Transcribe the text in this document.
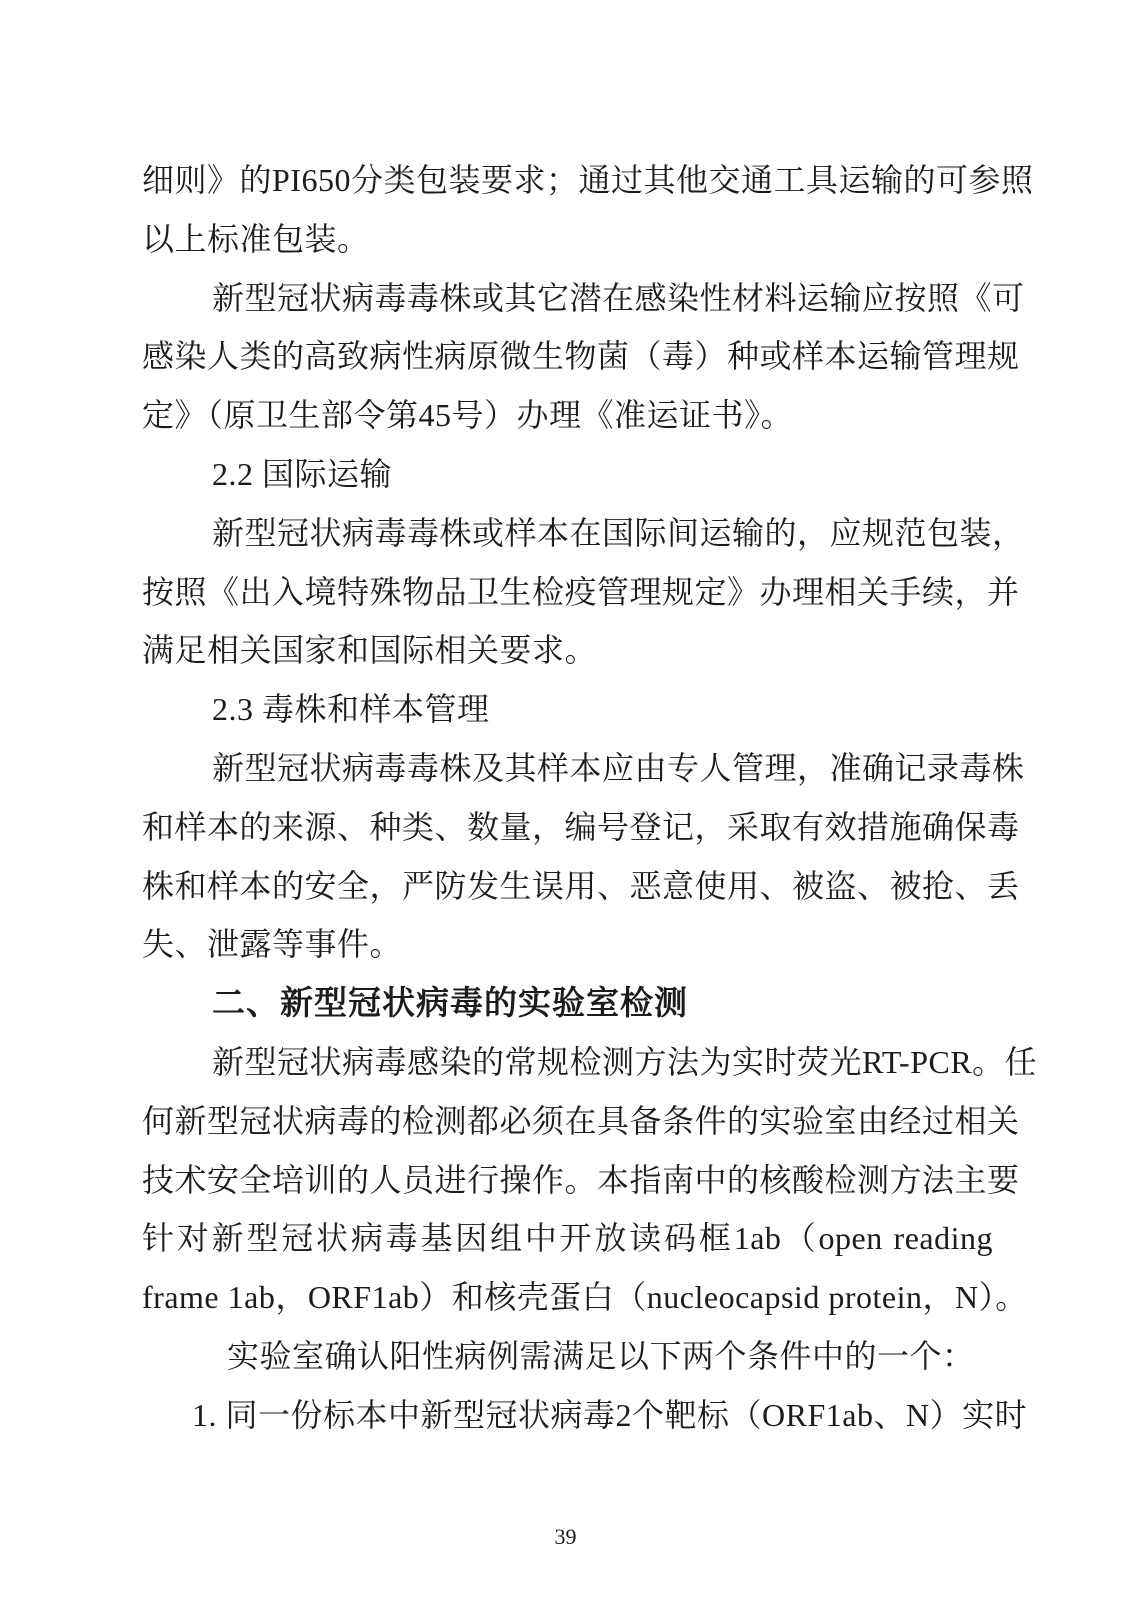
细则》的PI650分类包装要求；通过其他交通工具运输的可参照
以上标准包装。
新型冠状病毒毒株或其它潜在感染性材料运输应按照《可
感染人类的高致病性病原微生物菌（毒）种或样本运输管理规
定》（原卫生部令第45号）办理《准运证书》。
2.2 国际运输
新型冠状病毒毒株或样本在国际间运输的，应规范包装，
按照《出入境特殊物品卫生检疫管理规定》办理相关手续，并
满足相关国家和国际相关要求。
2.3 毒株和样本管理
新型冠状病毒毒株及其样本应由专人管理，准确记录毒株
和样本的来源、种类、数量，编号登记，采取有效措施确保毒
株和样本的安全，严防发生误用、恶意使用、被盗、被抢、丢
失、泄露等事件。
二、新型冠状病毒的实验室检测
新型冠状病毒感染的常规检测方法为实时荧光RT-PCR。任
何新型冠状病毒的检测都必须在具备条件的实验室由经过相关
技术安全培训的人员进行操作。本指南中的核酸检测方法主要
针对新型冠状病毒基因组中开放读码框1ab（open reading
frame 1ab，ORF1ab）和核壳蛋白（nucleocapsid protein，N）。
实验室确认阳性病例需满足以下两个条件中的一个：
1. 同一份标本中新型冠状病毒2个靶标（ORF1ab、N）实时
39
